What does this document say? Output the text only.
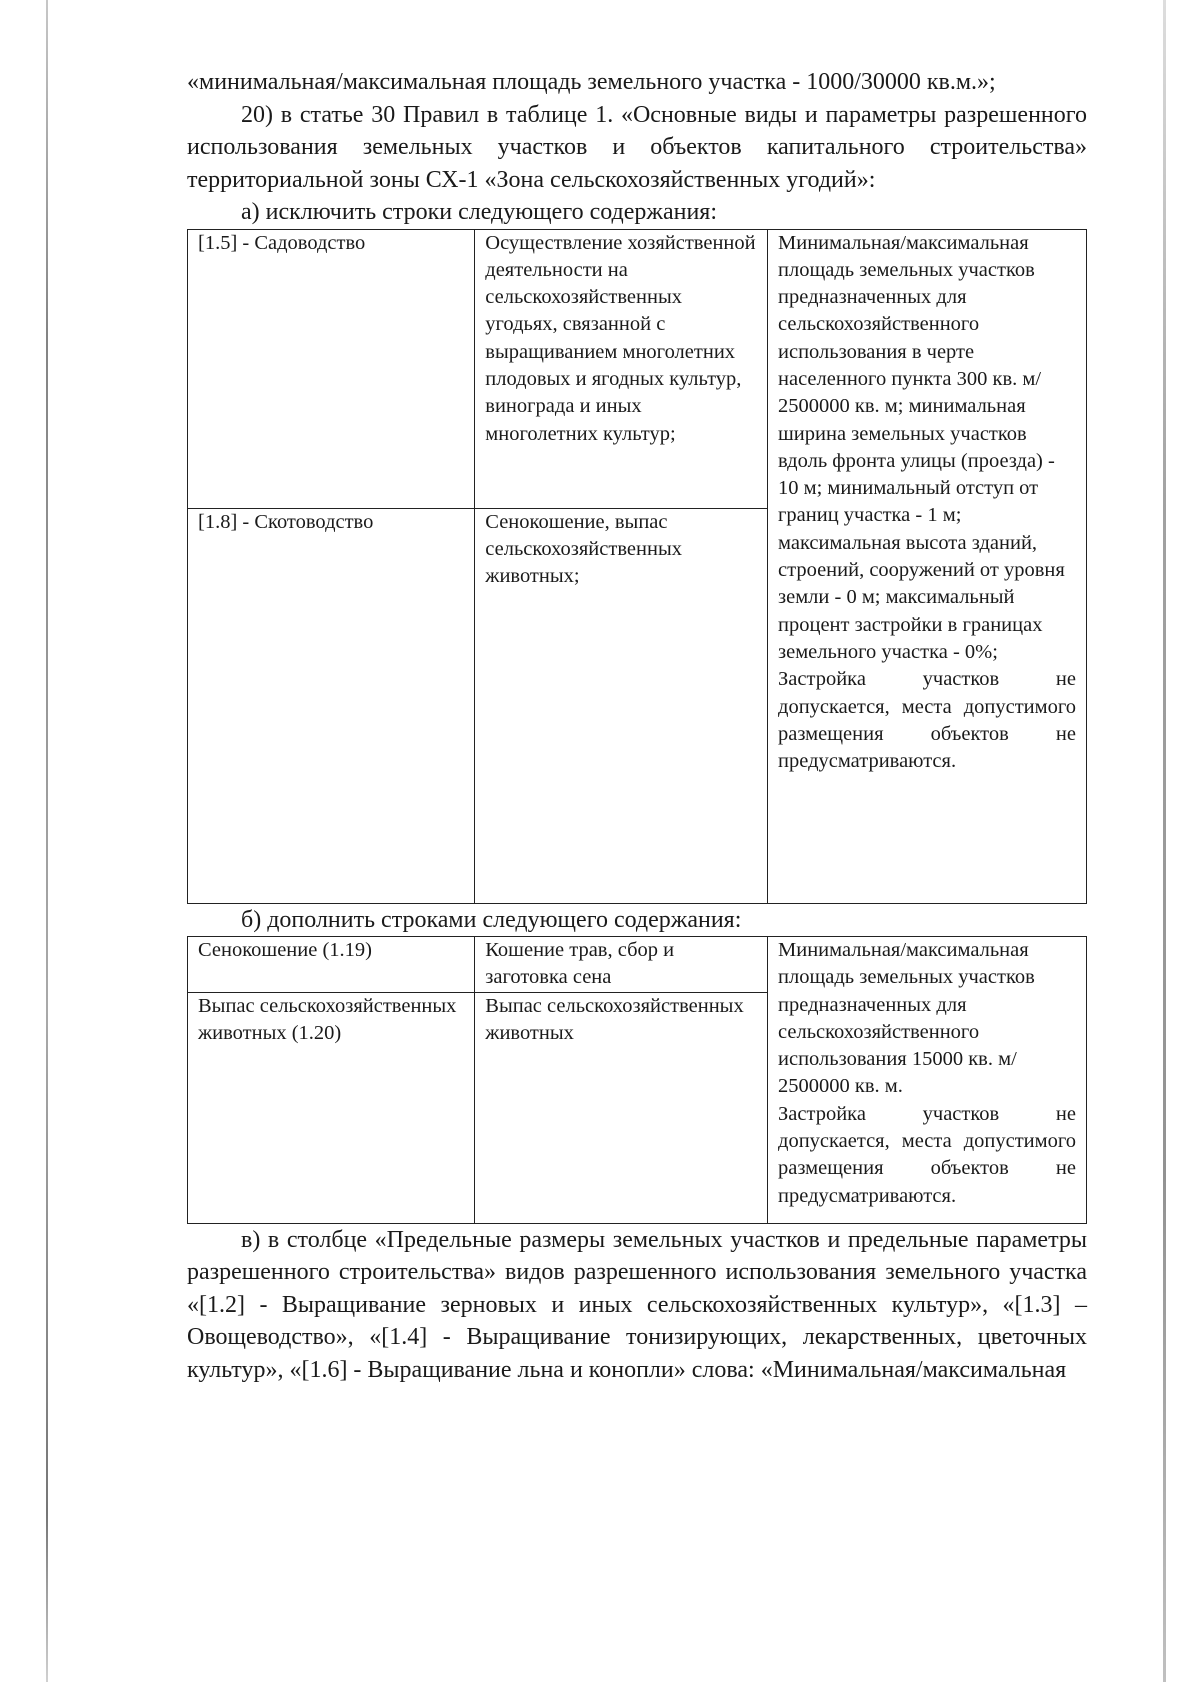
«минимальная/максимальная площадь земельного участка - 1000/30000 кв.м.»;

20) в статье 30 Правил в таблице 1. «Основные виды и параметры разрешенного использования земельных участков и объектов капитального строительства» территориальной зоны СХ-1 «Зона сельскохозяйственных угодий»:

а) исключить строки следующего содержания:

[1.5] - Садоводство	Осуществление хозяйственной деятельности на сельскохозяйственных угодьях, связанной с выращиванием многолетних плодовых и ягодных культур, винограда и иных многолетних культур;	Минимальная/максимальная площадь земельных участков предназначенных для сельскохозяйственного использования в черте населенного пункта 300 кв. м/ 2500000 кв. м; минимальная ширина земельных участков вдоль фронта улицы (проезда) - 10 м; минимальный отступ от границ участка - 1 м; максимальная высота зданий, строений, сооружений от уровня земли - 0 м; максимальный процент застройки в границах земельного участка - 0%;
Застройка участков не допускается, места допустимого размещения объектов не предусматриваются.

[1.8] - Скотоводство	Сенокошение, выпас сельскохозяйственных животных;	

б) дополнить строками следующего содержания:

Сенокошение (1.19)	Кошение трав, сбор и заготовка сена	Минимальная/максимальная площадь земельных участков предназначенных для сельскохозяйственного использования 15000 кв. м/ 2500000 кв. м.
Застройка участков не допускается, места допустимого размещения объектов не предусматриваются.

Выпас сельскохозяйственных животных (1.20)	Выпас сельскохозяйственных животных	

в) в столбце «Предельные размеры земельных участков и предельные параметры разрешенного строительства» видов разрешенного использования земельного участка «[1.2] - Выращивание зерновых и иных сельскохозяйственных культур», «[1.3] – Овощеводство», «[1.4] - Выращивание тонизирующих, лекарственных, цветочных культур», «[1.6] - Выращивание льна и конопли» слова: «Минимальная/максимальная
